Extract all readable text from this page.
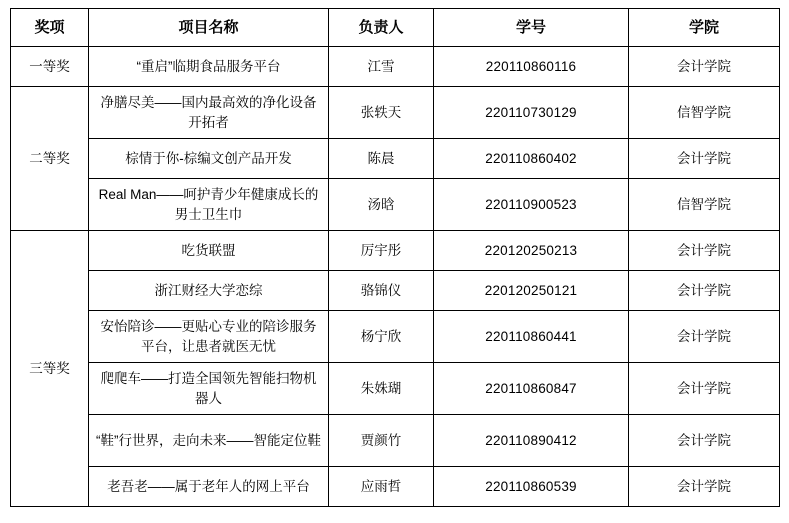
奖项	项目名称	负责人	学号	学院
一等奖	“重启”临期食品服务平台	江雪	220110860116	会计学院
二等奖	净膳尽美——国内最高效的净化设备开拓者	张轶天	220110730129	信智学院
	棕情于你-棕编文创产品开发	陈晨	220110860402	会计学院
	Real Man——呵护青少年健康成长的男士卫生巾	汤晗	220110900523	信智学院
三等奖	吃货联盟	厉宇彤	220120250213	会计学院
	浙江财经大学恋综	骆锦仪	220120250121	会计学院
	安怡陪诊——更贴心专业的陪诊服务平台，让患者就医无忧	杨宁欣	220110860441	会计学院
	爬爬车——打造全国领先智能扫物机器人	朱姝瑚	220110860847	会计学院
	“鞋”行世界，走向未来——智能定位鞋	贾颜竹	220110890412	会计学院
	老吾老——属于老年人的网上平台	应雨哲	220110860539	会计学院
